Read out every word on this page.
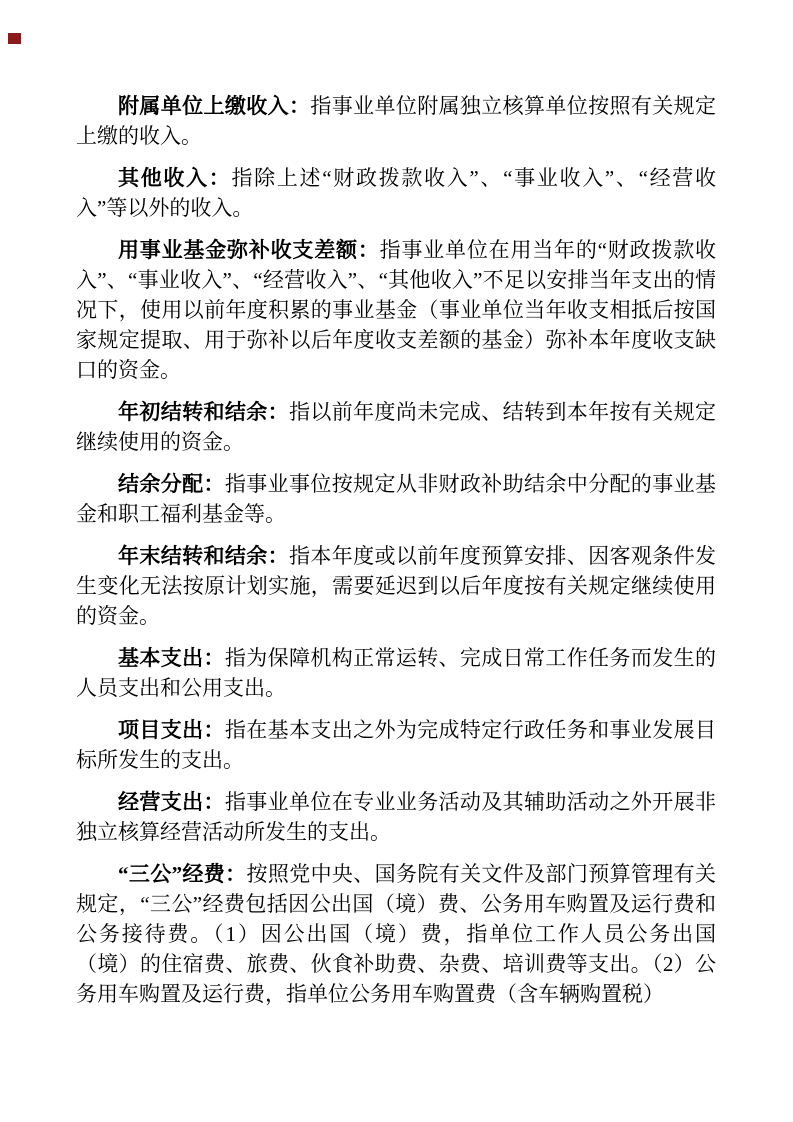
附属单位上缴收入：指事业单位附属独立核算单位按照有关规定上缴的收入。

其他收入：指除上述“财政拨款收入”、“事业收入”、“经营收入”等以外的收入。

用事业基金弥补收支差额：指事业单位在用当年的“财政拨款收入”、“事业收入”、“经营收入”、“其他收入”不足以安排当年支出的情况下，使用以前年度积累的事业基金（事业单位当年收支相抵后按国家规定提取、用于弥补以后年度收支差额的基金）弥补本年度收支缺口的资金。

年初结转和结余：指以前年度尚未完成、结转到本年按有关规定继续使用的资金。

结余分配：指事业事位按规定从非财政补助结余中分配的事业基金和职工福利基金等。

年末结转和结余：指本年度或以前年度预算安排、因客观条件发生变化无法按原计划实施，需要延迟到以后年度按有关规定继续使用的资金。

基本支出：指为保障机构正常运转、完成日常工作任务而发生的人员支出和公用支出。

项目支出：指在基本支出之外为完成特定行政任务和事业发展目标所发生的支出。

经营支出：指事业单位在专业业务活动及其辅助活动之外开展非独立核算经营活动所发生的支出。

“三公”经费：按照党中央、国务院有关文件及部门预算管理有关规定，“三公”经费包括因公出国（境）费、公务用车购置及运行费和公务接待费。（1）因公出国（境）费，指单位工作人员公务出国（境）的住宿费、旅费、伙食补助费、杂费、培训费等支出。（2）公务用车购置及运行费，指单位公务用车购置费（含车辆购置税）
